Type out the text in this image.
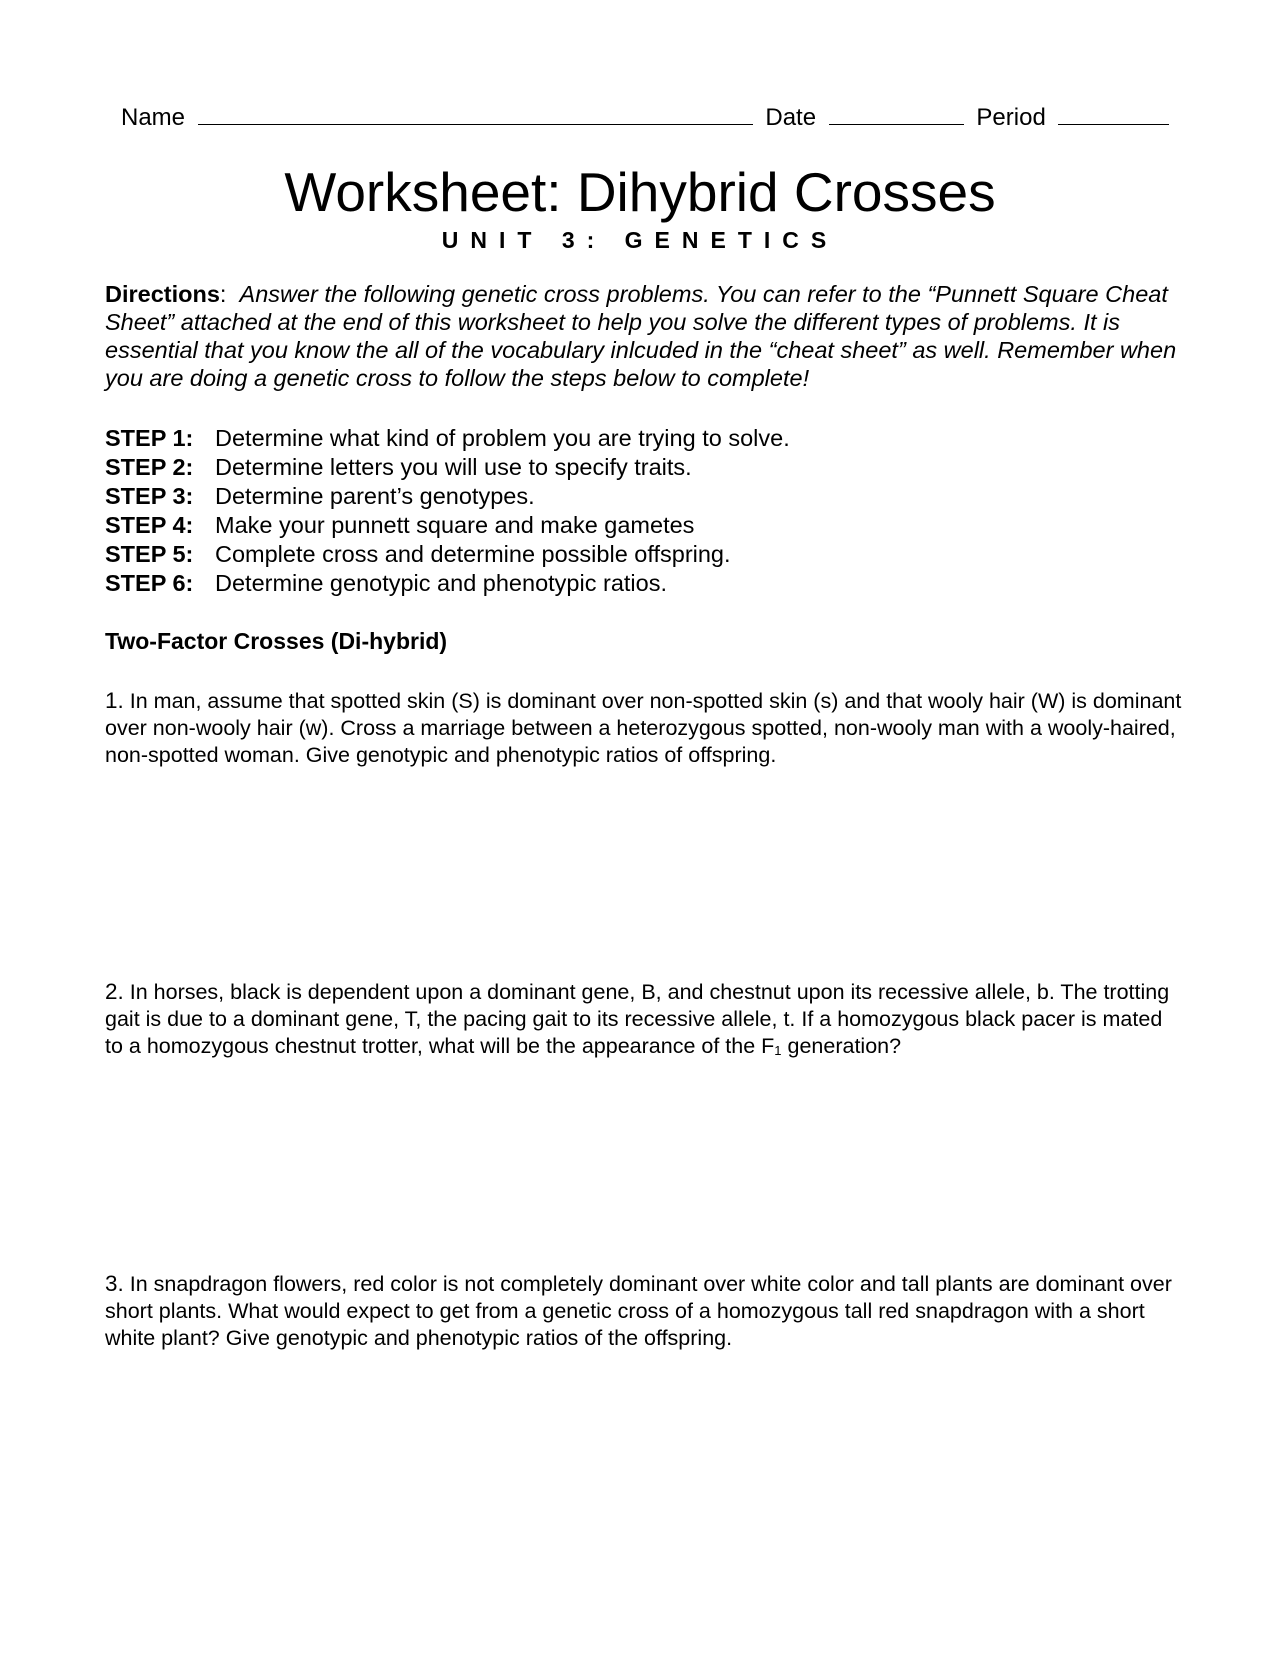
Name	Date	Period
Worksheet: Dihybrid Crosses
UNIT 3: GENETICS
Directions: Answer the following genetic cross problems. You can refer to the “Punnett Square Cheat Sheet” attached at the end of this worksheet to help you solve the different types of problems. It is essential that you know the all of the vocabulary inlcuded in the “cheat sheet” as well. Remember when you are doing a genetic cross to follow the steps below to complete!
STEP 1: Determine what kind of problem you are trying to solve.
STEP 2: Determine letters you will use to specify traits.
STEP 3: Determine parent’s genotypes.
STEP 4: Make your punnett square and make gametes
STEP 5: Complete cross and determine possible offspring.
STEP 6: Determine genotypic and phenotypic ratios.
Two-Factor Crosses (Di-hybrid)
1. In man, assume that spotted skin (S) is dominant over non-spotted skin (s) and that wooly hair (W) is dominant over non-wooly hair (w). Cross a marriage between a heterozygous spotted, non-wooly man with a wooly-haired, non-spotted woman. Give genotypic and phenotypic ratios of offspring.
2. In horses, black is dependent upon a dominant gene, B, and chestnut upon its recessive allele, b. The trotting gait is due to a dominant gene, T, the pacing gait to its recessive allele, t. If a homozygous black pacer is mated to a homozygous chestnut trotter, what will be the appearance of the $F_1$ generation?
3. In snapdragon flowers, red color is not completely dominant over white color and tall plants are dominant over short plants. What would expect to get from a genetic cross of a homozygous tall red snapdragon with a short white plant? Give genotypic and phenotypic ratios of the offspring.
